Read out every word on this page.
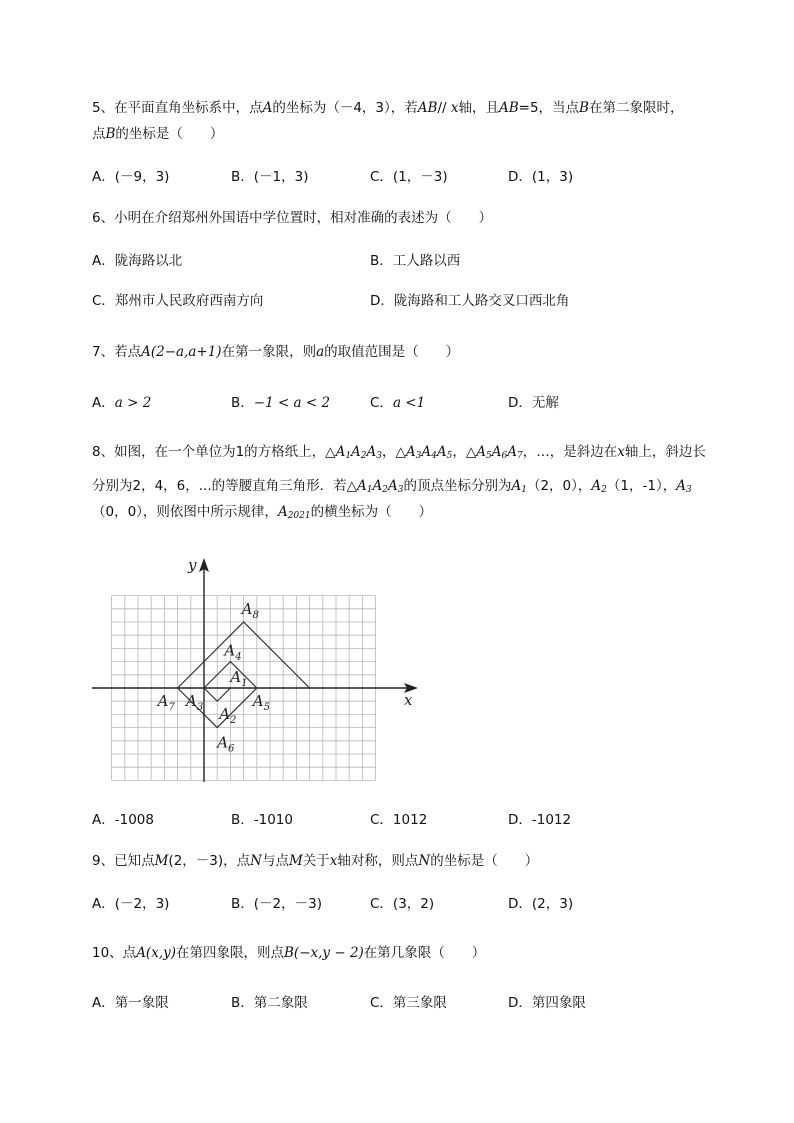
5、在平面直角坐标系中，点A的坐标为（－4，3），若AB// x轴，且AB=5，当点B在第二象限时，
点B的坐标是（　　）
A．(－9，3)	B．(－1，3)	C．(1，－3)	D．(1，3)
6、小明在介绍郑州外国语中学位置时，相对准确的表述为（　　）
A．陇海路以北	B．工人路以西
C．郑州市人民政府西南方向	D．陇海路和工人路交叉口西北角
7、若点A(2−a,a+1)在第一象限，则a的取值范围是（　　）
A．a > 2	B．−1 < a < 2	C．a <1	D．无解
8、如图，在一个单位为1的方格纸上，$\triangle A_1A_2A_3$，$\triangle A_3A_4A_5$，$\triangle A_5A_6A_7$，…，是斜边在x轴上，斜边长
分别为2，4，6，...的等腰直角三角形．若$\triangle A_1A_2A_3$的顶点坐标分别为$A_1(2$，0），$A_2(1$，-1），$A_3$
（0，0），则依图中所示规律，$A_{2021}$的横坐标为（　　）
x
y
$A_1$
$A_2$
$A_3$
$A_4$
$A_5$
$A_6$
$A_7$
$A_8$
A．-1008	B．-1010	C．1012	D．-1012
9、已知点M(2，－3)，点N与点M关于x轴对称，则点N的坐标是（　　）
A．(－2，3)	B．(－2，－3)	C．(3，2)	D．(2，3)
10、点A(x,y)在第四象限，则点B(−x,y − 2)在第几象限（　　）
A．第一象限	B．第二象限	C．第三象限	D．第四象限
